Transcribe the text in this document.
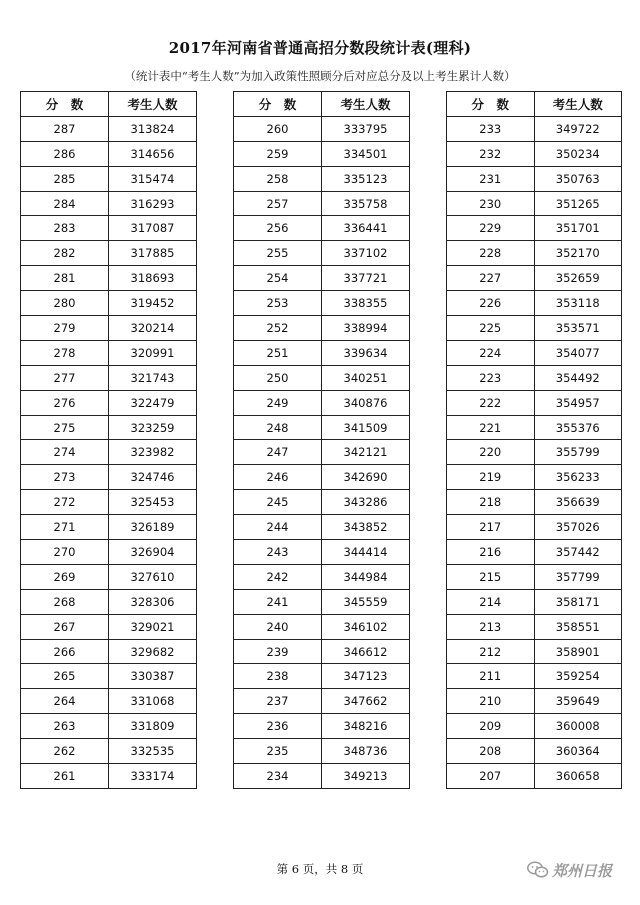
2017年河南省普通高招分数段统计表(理科)
（统计表中“考生人数”为加入政策性照顾分后对应总分及以上考生累计人数）
分　数	考生人数
287	313824
286	314656
285	315474
284	316293
283	317087
282	317885
281	318693
280	319452
279	320214
278	320991
277	321743
276	322479
275	323259
274	323982
273	324746
272	325453
271	326189
270	326904
269	327610
268	328306
267	329021
266	329682
265	330387
264	331068
263	331809
262	332535
261	333174
分　数	考生人数
260	333795
259	334501
258	335123
257	335758
256	336441
255	337102
254	337721
253	338355
252	338994
251	339634
250	340251
249	340876
248	341509
247	342121
246	342690
245	343286
244	343852
243	344414
242	344984
241	345559
240	346102
239	346612
238	347123
237	347662
236	348216
235	348736
234	349213
分　数	考生人数
233	349722
232	350234
231	350763
230	351265
229	351701
228	352170
227	352659
226	353118
225	353571
224	354077
223	354492
222	354957
221	355376
220	355799
219	356233
218	356639
217	357026
216	357442
215	357799
214	358171
213	358551
212	358901
211	359254
210	359649
209	360008
208	360364
207	360658
第 6 页，共 8 页	郑州日报
